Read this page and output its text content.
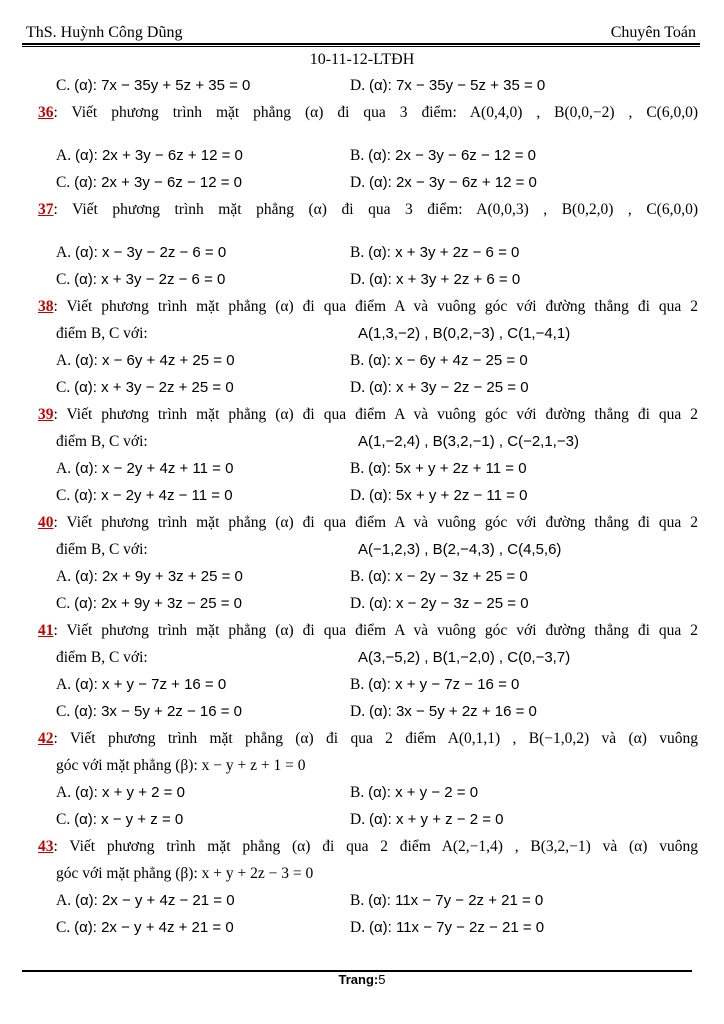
ThS. Huỳnh Công Dũng	Chuyên Toán
10-11-12-LTĐH
C. (α): 7x − 35y + 5z + 35 = 0	D. (α): 7x − 35y − 5z + 35 = 0
36: Viết phương trình mặt phẳng (α) đi qua 3 điểm: A(0,4,0) , B(0,0,−2) , C(6,0,0)
A. (α): 2x + 3y − 6z + 12 = 0	B. (α): 2x − 3y − 6z − 12 = 0
C. (α): 2x + 3y − 6z − 12 = 0	D. (α): 2x − 3y − 6z + 12 = 0
37: Viết phương trình mặt phẳng (α) đi qua 3 điểm: A(0,0,3) , B(0,2,0) , C(6,0,0)
A. (α): x − 3y − 2z − 6 = 0	B. (α): x + 3y + 2z − 6 = 0
C. (α): x + 3y − 2z − 6 = 0	D. (α): x + 3y + 2z + 6 = 0
38: Viết phương trình mặt phẳng (α) đi qua điểm A và vuông góc với đường thẳng đi qua 2
điểm B, C với:	A(1,3,−2) , B(0,2,−3) , C(1,−4,1)
A. (α): x − 6y + 4z + 25 = 0	B. (α): x − 6y + 4z − 25 = 0
C. (α): x + 3y − 2z + 25 = 0	D. (α): x + 3y − 2z − 25 = 0
39: Viết phương trình mặt phẳng (α) đi qua điểm A và vuông góc với đường thẳng đi qua 2
điểm B, C với:	A(1,−2,4) , B(3,2,−1) , C(−2,1,−3)
A. (α): x − 2y + 4z + 11 = 0	B. (α): 5x + y + 2z + 11 = 0
C. (α): x − 2y + 4z − 11 = 0	D. (α): 5x + y + 2z − 11 = 0
40: Viết phương trình mặt phẳng (α) đi qua điểm A và vuông góc với đường thẳng đi qua 2
điểm B, C với:	A(−1,2,3) , B(2,−4,3) , C(4,5,6)
A. (α): 2x + 9y + 3z + 25 = 0	B. (α): x − 2y − 3z + 25 = 0
C. (α): 2x + 9y + 3z − 25 = 0	D. (α): x − 2y − 3z − 25 = 0
41: Viết phương trình mặt phẳng (α) đi qua điểm A và vuông góc với đường thẳng đi qua 2
điểm B, C với:	A(3,−5,2) , B(1,−2,0) , C(0,−3,7)
A. (α): x + y − 7z + 16 = 0	B. (α): x + y − 7z − 16 = 0
C. (α): 3x − 5y + 2z − 16 = 0	D. (α): 3x − 5y + 2z + 16 = 0
42: Viết phương trình mặt phẳng (α) đi qua 2 điểm A(0,1,1) , B(−1,0,2) và (α) vuông
góc với mặt phẳng (β): x − y + z + 1 = 0
A. (α): x + y + 2 = 0	B. (α): x + y − 2 = 0
C. (α): x − y + z = 0	D. (α): x + y + z − 2 = 0
43: Viết phương trình mặt phẳng (α) đi qua 2 điểm A(2,−1,4) , B(3,2,−1) và (α) vuông
góc với mặt phẳng (β): x + y + 2z − 3 = 0
A. (α): 2x − y + 4z − 21 = 0	B. (α): 11x − 7y − 2z + 21 = 0
C. (α): 2x − y + 4z + 21 = 0	D. (α): 11x − 7y − 2z − 21 = 0
Trang:5
